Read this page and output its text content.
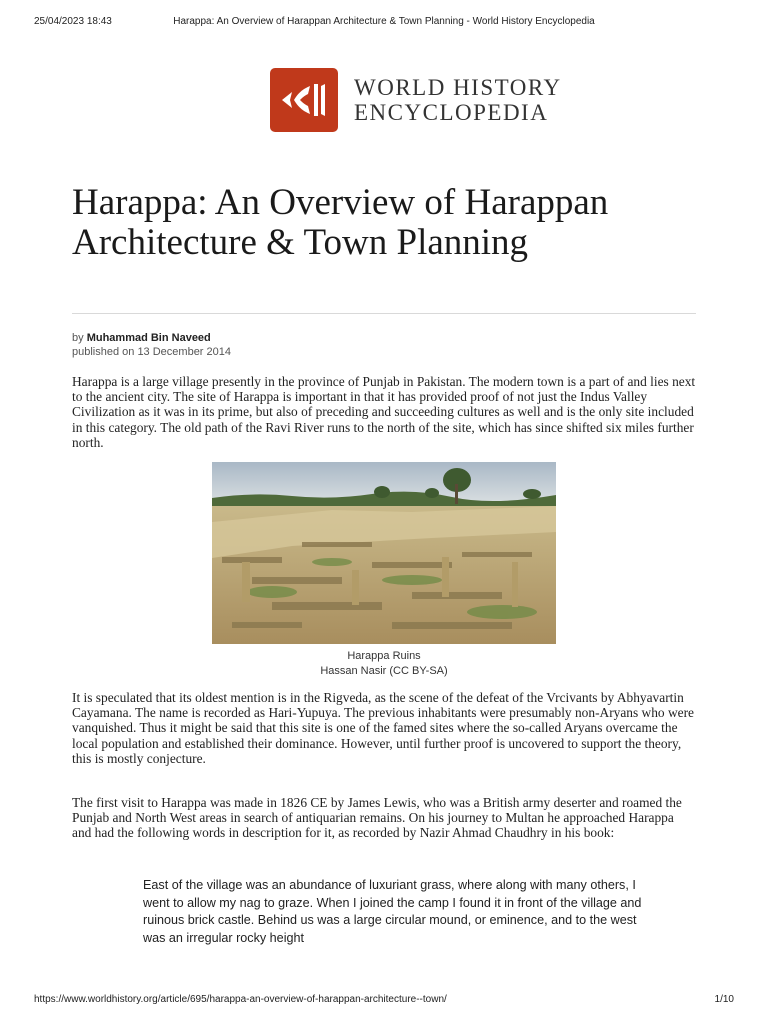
25/04/2023 18:43	Harappa: An Overview of Harappan Architecture & Town Planning - World History Encyclopedia
WORLD HISTORY
ENCYCLOPEDIA
Harappa: An Overview of Harappan Architecture & Town Planning
by Muhammad Bin Naveed
published on 13 December 2014

Harappa is a large village presently in the province of Punjab in Pakistan. The modern town is a part of and lies next to the ancient city. The site of Harappa is important in that it has provided proof of not just the Indus Valley Civilization as it was in its prime, but also of preceding and succeeding cultures as well and is the only site included in this category. The old path of the Ravi River runs to the north of the site, which has since shifted six miles further north.

Harappa Ruins
Hassan Nasir (CC BY-SA)

It is speculated that its oldest mention is in the Rigveda, as the scene of the defeat of the Vrcivants by Abhyavartin Cayamana. The name is recorded as Hari-Yupuya. The previous inhabitants were presumably non-Aryans who were vanquished. Thus it might be said that this site is one of the famed sites where the so-called Aryans overcame the local population and established their dominance. However, until further proof is uncovered to support the theory, this is mostly conjecture.

The first visit to Harappa was made in 1826 CE by James Lewis, who was a British army deserter and roamed the Punjab and North West areas in search of antiquarian remains. On his journey to Multan he approached Harappa and had the following words in description for it, as recorded by Nazir Ahmad Chaudhry in his book:

East of the village was an abundance of luxuriant grass, where along with many others, I went to allow my nag to graze. When I joined the camp I found it in front of the village and ruinous brick castle. Behind us was a large circular mound, or eminence, and to the west was an irregular rocky height
https://www.worldhistory.org/article/695/harappa-an-overview-of-harappan-architecture--town/	1/10
